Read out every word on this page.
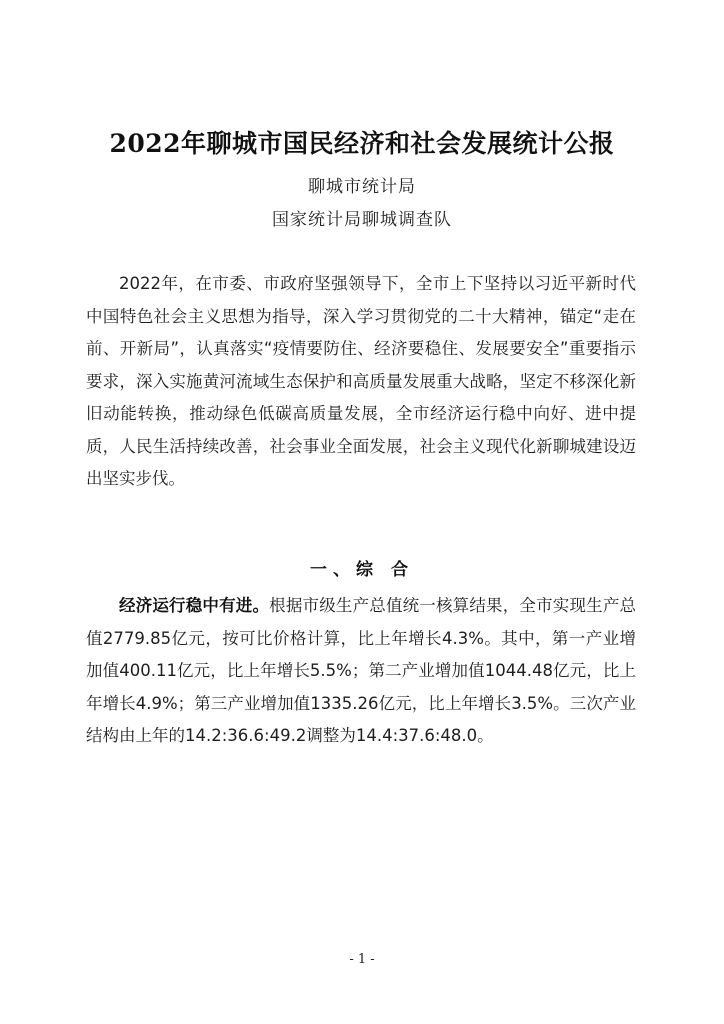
2022年聊城市国民经济和社会发展统计公报
聊城市统计局
国家统计局聊城调查队

2022年，在市委、市政府坚强领导下，全市上下坚持以习近平新时代中国特色社会主义思想为指导，深入学习贯彻党的二十大精神，锚定“走在前、开新局”，认真落实“疫情要防住、经济要稳住、发展要安全”重要指示要求，深入实施黄河流域生态保护和高质量发展重大战略，坚定不移深化新旧动能转换，推动绿色低碳高质量发展，全市经济运行稳中向好、进中提质，人民生活持续改善，社会事业全面发展，社会主义现代化新聊城建设迈出坚实步伐。

一、综 合

经济运行稳中有进。根据市级生产总值统一核算结果，全市实现生产总值2779.85亿元，按可比价格计算，比上年增长4.3%。其中，第一产业增加值400.11亿元，比上年增长5.5%；第二产业增加值1044.48亿元，比上年增长4.9%；第三产业增加值1335.26亿元，比上年增长3.5%。三次产业结构由上年的14.2:36.6:49.2调整为14.4:37.6:48.0。

- 1 -
